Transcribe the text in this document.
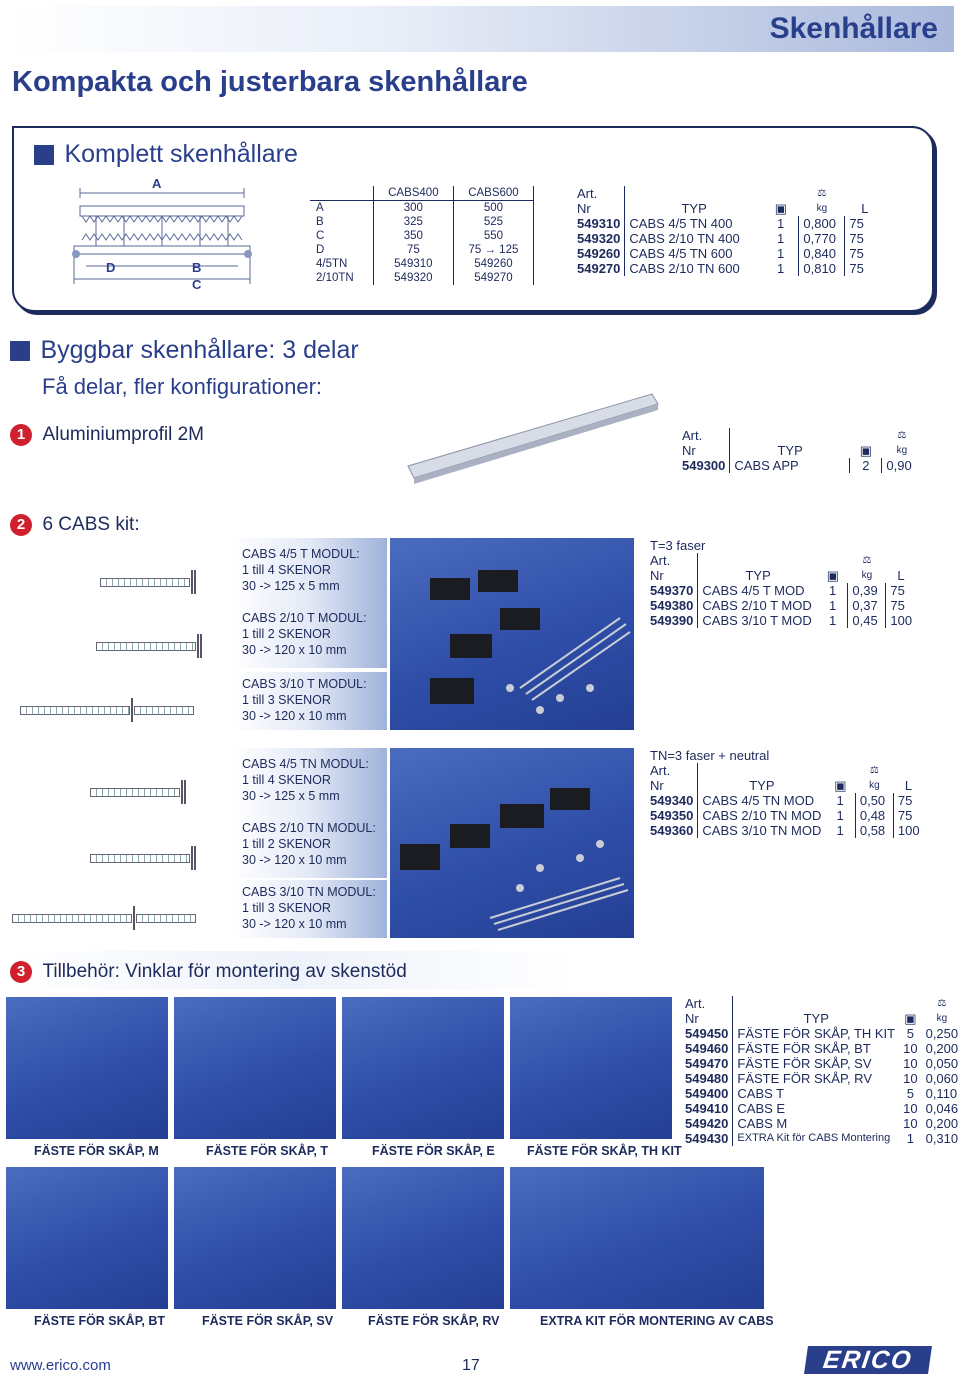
Skenhållare
Kompakta och justerbara skenhållare
Komplett skenhållare
A
D	B
C
	CABS400	CABS600
A	300	500
B	325	525
C	350	550
D	75	75 → 125
4/5TN	549310	549260
2/10TN	549320	549270
Art.
Nr	TYP	▣	⚖
kg	L
549310	CABS 4/5 TN 400	1	0,800	75
549320	CABS 2/10 TN 400	1	0,770	75
549260	CABS 4/5 TN 600	1	0,840	75
549270	CABS 2/10 TN 600	1	0,810	75
Byggbar skenhållare: 3 delar
Få delar, fler konfigurationer:
1 Aluminiumprofil 2M	Art.
Nr	TYP	▣	⚖
kg
549300	CABS APP	2	0,90
2 6 CABS kit:
CABS 4/5 T MODUL:
1 till 4 SKENOR
30 -> 125 x 5 mm
CABS 2/10 T MODUL:
1 till 2 SKENOR
30 -> 120 x 10 mm
CABS 3/10 T MODUL:
1 till 3 SKENOR
30 -> 120 x 10 mm
T=3 faser				
Art.
Nr	TYP	▣	⚖
kg	L
549370	CABS 4/5 T MOD	1	0,39	75
549380	CABS 2/10 T MOD	1	0,37	75
549390	CABS 3/10 T MOD	1	0,45	100
CABS 4/5 TN MODUL:
1 till 4 SKENOR
30 -> 125 x 5 mm
CABS 2/10 TN MODUL:
1 till 2 SKENOR
30 -> 120 x 10 mm
CABS 3/10 TN MODUL:
1 till 3 SKENOR
30 -> 120 x 10 mm
TN=3 faser + neutral				
Art.
Nr	TYP	▣	⚖
kg	L
549340	CABS 4/5 TN MOD	1	0,50	75
549350	CABS 2/10 TN MOD	1	0,48	75
549360	CABS 3/10 TN MOD	1	0,58	100
3 Tillbehör: Vinklar för montering av skenstöd
FÄSTE FÖR SKÅP, M	FÄSTE FÖR SKÅP, T	FÄSTE FÖR SKÅP, E	FÄSTE FÖR SKÅP, TH KIT
FÄSTE FÖR SKÅP, BT	FÄSTE FÖR SKÅP, SV	FÄSTE FÖR SKÅP, RV	EXTRA KIT FÖR MONTERING AV CABS
Art.
Nr	TYP	▣	⚖
kg
549450	FÄSTE FÖR SKÅP, TH KIT	5	0,250
549460	FÄSTE FÖR SKÅP, BT	10	0,200
549470	FÄSTE FÖR SKÅP, SV	10	0,050
549480	FÄSTE FÖR SKÅP, RV	10	0,060
549400	CABS T	5	0,110
549410	CABS E	10	0,046
549420	CABS M	10	0,200
549430	EXTRA Kit för CABS Montering	1	0,310
www.erico.com	17	ERICO
